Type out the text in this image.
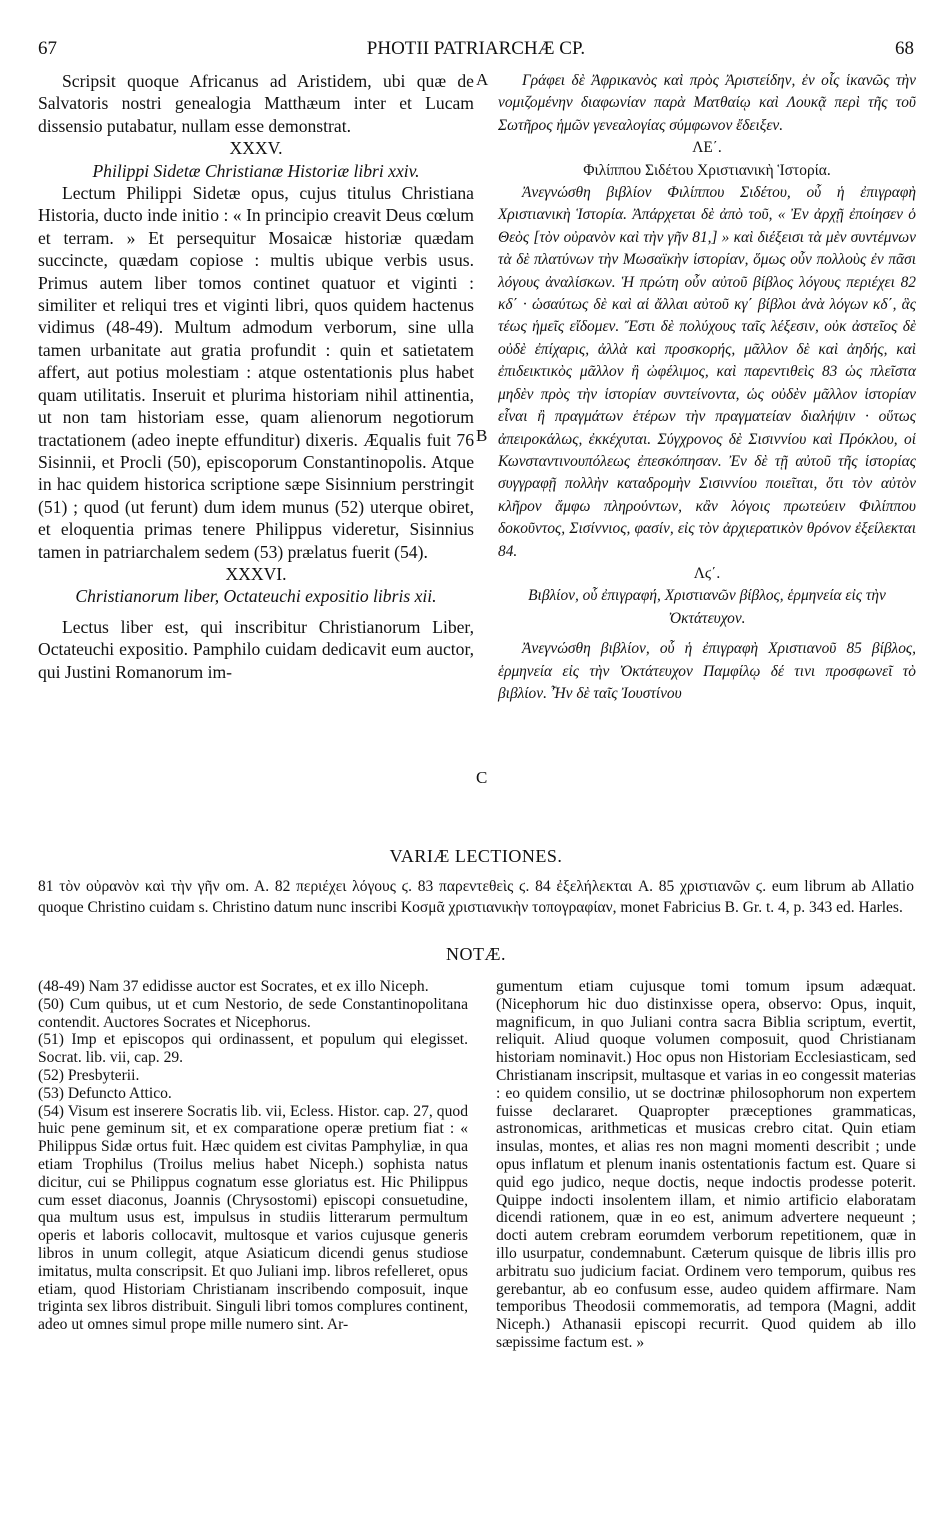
67	PHOTII PATRIARCHÆ CP.	68
A
B
C

Scripsit quoque Africanus ad Aristidem, ubi quæ de Salvatoris nostri genealogia Matthæum inter et Lucam dissensio putabatur, nullam esse demonstrat.

XXXV.

Philippi Sidetæ Christianæ Historiæ libri xxiv.

Lectum Philippi Sidetæ opus, cujus titulus Christiana Historia, ducto inde initio : « In principio creavit Deus cœlum et terram. » Et persequitur Mosaicæ historiæ quædam succincte, quædam copiose : multis ubique verbis usus. Primus autem liber tomos continet quatuor et viginti : similiter et reliqui tres et viginti libri, quos quidem hactenus vidimus (48-49). Multum admodum verborum, sine ulla tamen urbanitate aut gratia profundit : quin et satietatem affert, aut potius molestiam : atque ostentationis plus habet quam utilitatis. Inseruit et plurima historiam nihil attinentia, ut non tam historiam esse, quam alienorum negotiorum tractationem (adeo inepte effunditur) dixeris. Æqualis fuit 76 Sisinnii, et Procli (50), episcoporum Constantinopolis. Atque in hac quidem historica scriptione sæpe Sisinnium perstringit (51) ; quod (ut ferunt) dum idem munus (52) uterque obiret, et eloquentia primas tenere Philippus videretur, Sisinnius tamen in patriarchalem sedem (53) prælatus fuerit (54).

XXXVI.

Christianorum liber, Octateuchi expositio libris xii.

Lectus liber est, qui inscribitur Christianorum Liber, Octateuchi expositio. Pamphilo cuidam dedicavit eum auctor, qui Justini Romanorum im-

Γράφει δὲ Ἀφρικανὸς καὶ πρὸς Ἀριστείδην, ἐν οἷς ἱκανῶς τὴν νομιζομένην διαφωνίαν παρὰ Ματθαίῳ καὶ Λουκᾷ περὶ τῆς τοῦ Σωτῆρος ἡμῶν γενεαλογίας σύμφωνον ἔδειξεν.

ΛΕ΄.

Φιλίππου Σιδέτου Χριστιανικὴ Ἱστορία.

Ἀνεγνώσθη βιβλίον Φιλίππου Σιδέτου, οὗ ἡ ἐπιγραφὴ Χριστιανικὴ Ἱστορία. Ἀπάρχεται δὲ ἀπὸ τοῦ, « Ἐν ἀρχῇ ἐποίησεν ὁ Θεὸς [τὸν οὐρανὸν καὶ τὴν γῆν 81,] » καὶ διέξεισι τὰ μὲν συντέμνων τὰ δὲ πλατύνων τὴν Μωσαϊκὴν ἱστορίαν, ὅμως οὖν πολλοὺς ἐν πᾶσι λόγους ἀναλίσκων. Ἡ πρώτη οὖν αὐτοῦ βίβλος λόγους περιέχει 82 κδ΄ · ὡσαύτως δὲ καὶ αἱ ἄλλαι αὐτοῦ κγ΄ βίβλοι ἀνὰ λόγων κδ΄, ἃς τέως ἡμεῖς εἴδομεν. Ἔστι δὲ πολύχους ταῖς λέξεσιν, οὐκ ἀστεῖος δὲ οὐδὲ ἐπίχαρις, ἀλλὰ καὶ προσκορής, μᾶλλον δὲ καὶ ἀηδής, καὶ ἐπιδεικτικὸς μᾶλλον ἢ ὠφέλιμος, καὶ παρεντιθεὶς 83 ὡς πλεῖστα μηδὲν πρὸς τὴν ἱστορίαν συντείνοντα, ὡς οὐδὲν μᾶλλον ἱστορίαν εἶναι ἢ πραγμάτων ἑτέρων τὴν πραγματείαν διαλήψιν · οὕτως ἀπειροκάλως, ἐκκέχυται. Σύγχρονος δὲ Σισιννίου καὶ Πρόκλου, οἱ Κωνσταντινουπόλεως ἐπεσκόπησαν. Ἐν δὲ τῇ αὐτοῦ τῆς ἱστορίας συγγραφῇ πολλὴν καταδρομὴν Σισιννίου ποιεῖται, ὅτι τὸν αὐτὸν κλῆρον ἄμφω πληρούντων, κἂν λόγοις πρωτεύειν Φιλίππου δοκοῦντος, Σισίννιος, φασίν, εἰς τὸν ἀρχιερατικὸν θρόνον ἐξείλεκται 84.

Λϛ΄.

Βιβλίον, οὗ ἐπιγραφή, Χριστιανῶν βίβλος, ἑρμηνεία εἰς τὴν Ὀκτάτευχον.

Ἀνεγνώσθη βιβλίον, οὗ ἡ ἐπιγραφὴ Χριστιανοῦ 85 βίβλος, ἑρμηνεία εἰς τὴν Ὀκτάτευχον Παμφίλῳ δέ τινι προσφωνεῖ τὸ βιβλίον. Ἦν δὲ ταῖς Ἰουστίνου

VARIÆ LECTIONES.
81 τὸν οὐρανὸν καὶ τὴν γῆν om. A. 82 περιέχει λόγους ϛ. 83 παρεντεθεὶς ϛ. 84 ἐξελήλεκται A. 85 χριστιανῶν ϛ. eum librum ab Allatio quoque Christino cuidam s. Christino datum nunc inscribi Κοσμᾶ χριστιανικὴν τοπογραφίαν, monet Fabricius B. Gr. t. 4, p. 343 ed. Harles.
NOTÆ.

(48-49) Nam 37 edidisse auctor est Socrates, et ex illo Niceph.

(50) Cum quibus, ut et cum Nestorio, de sede Constantinopolitana contendit. Auctores Socrates et Nicephorus.

(51) Imp et episcopos qui ordinassent, et populum qui elegisset. Socrat. lib. vii, cap. 29.

(52) Presbyterii.

(53) Defuncto Attico.

(54) Visum est inserere Socratis lib. vii, Ecless. Histor. cap. 27, quod huic pene geminum sit, et ex comparatione operæ pretium fiat : « Philippus Sidæ ortus fuit. Hæc quidem est civitas Pamphyliæ, in qua etiam Trophilus (Troilus melius habet Niceph.) sophista natus dicitur, cui se Philippus cognatum esse gloriatus est. Hic Philippus cum esset diaconus, Joannis (Chrysostomi) episcopi consuetudine, qua multum usus est, impulsus in studiis litterarum permultum operis et laboris collocavit, multosque et varios cujusque generis libros in unum collegit, atque Asiaticum dicendi genus studiose imitatus, multa conscripsit. Et quo Juliani imp. libros refelleret, opus etiam, quod Historiam Christianam inscribendo composuit, inque triginta sex libros distribuit. Singuli libri tomos complures continent, adeo ut omnes simul prope mille numero sint. Ar-

gumentum etiam cujusque tomi tomum ipsum adæquat.(Nicephorum hic duo distinxisse opera, observo: Opus, inquit, magnificum, in quo Juliani contra sacra Biblia scriptum, evertit, reliquit. Aliud quoque volumen composuit, quod Christianam historiam nominavit.) Hoc opus non Historiam Ecclesiasticam, sed Christianam inscripsit, multasque et varias in eo congessit materias : eo quidem consilio, ut se doctrinæ philosophorum non expertem fuisse declararet. Quapropter præceptiones grammaticas, astronomicas, arithmeticas et musicas crebro citat. Quin etiam insulas, montes, et alias res non magni momenti describit ; unde opus inflatum et plenum inanis ostentationis factum est. Quare si quid ego judico, neque doctis, neque indoctis prodesse poterit. Quippe indocti insolentem illam, et nimio artificio elaboratam dicendi rationem, quæ in eo est, animum advertere nequeunt ; docti autem crebram eorumdem verborum repetitionem, quæ in illo usurpatur, condemnabunt. Cæterum quisque de libris illis pro arbitratu suo judicium faciat. Ordinem vero temporum, quibus res gerebantur, ab eo confusum esse, audeo quidem affirmare. Nam temporibus Theodosii commemoratis, ad tempora (Magni, addit Niceph.) Athanasii episcopi recurrit. Quod quidem ab illo sæpissime factum est. »
